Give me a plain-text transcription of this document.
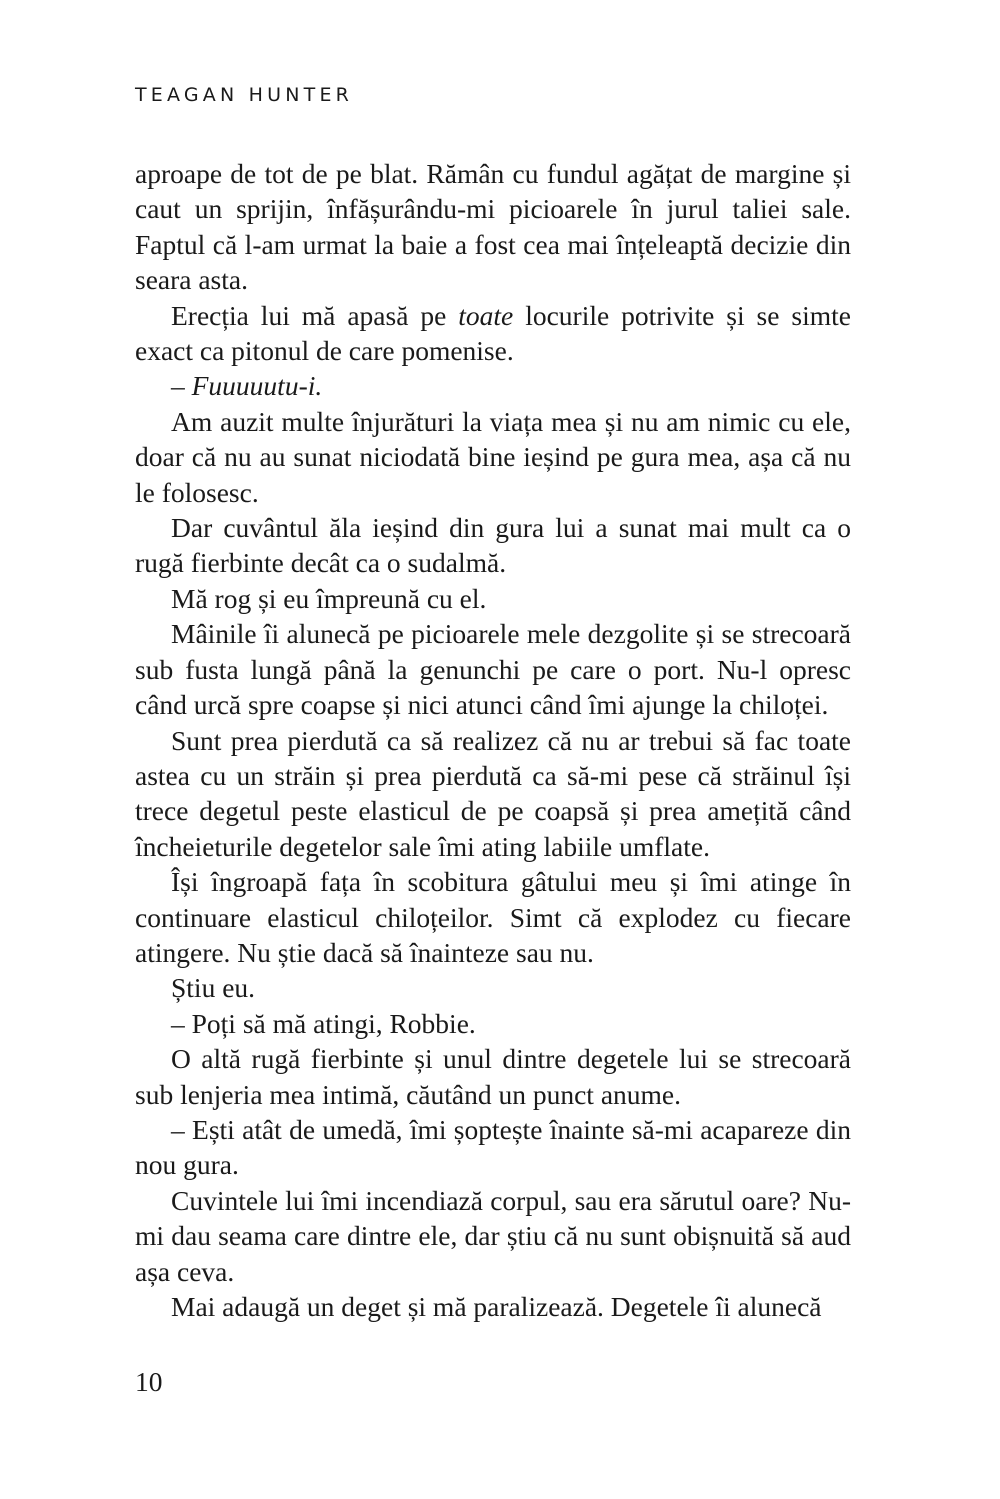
TEAGAN HUNTER

aproape de tot de pe blat. Rămân cu fundul agățat de margine și caut un sprijin, înfășurându-mi picioarele în jurul taliei sale. Faptul că l-am urmat la baie a fost cea mai înțeleaptă decizie din seara asta.

Erecția lui mă apasă pe toate locurile potrivite și se simte exact ca pitonul de care pomenise.

– Fuuuuutu-i.

Am auzit multe înjurături la viața mea și nu am nimic cu ele, doar că nu au sunat niciodată bine ieșind pe gura mea, așa că nu le folosesc.

Dar cuvântul ăla ieșind din gura lui a sunat mai mult ca o rugă fierbinte decât ca o sudalmă.

Mă rog și eu împreună cu el.

Mâinile îi alunecă pe picioarele mele dezgolite și se strecoară sub fusta lungă până la genunchi pe care o port. Nu-l opresc când urcă spre coapse și nici atunci când îmi ajunge la chiloței.

Sunt prea pierdută ca să realizez că nu ar trebui să fac toate astea cu un străin și prea pierdută ca să-mi pese că străinul își trece degetul peste elasticul de pe coapsă și prea amețită când încheieturile degetelor sale îmi ating labiile umflate.

Își îngroapă fața în scobitura gâtului meu și îmi atinge în continuare elasticul chiloțeilor. Simt că explodez cu fiecare atingere. Nu știe dacă să înainteze sau nu.

Știu eu.

– Poți să mă atingi, Robbie.

O altă rugă fierbinte și unul dintre degetele lui se strecoară sub lenjeria mea intimă, căutând un punct anume.

– Ești atât de umedă, îmi șoptește înainte să-mi acapareze din nou gura.

Cuvintele lui îmi incendiază corpul, sau era sărutul oare? Nu-mi dau seama care dintre ele, dar știu că nu sunt obișnuită să aud așa ceva.

Mai adaugă un deget și mă paralizează. Degetele îi alunecă

10
